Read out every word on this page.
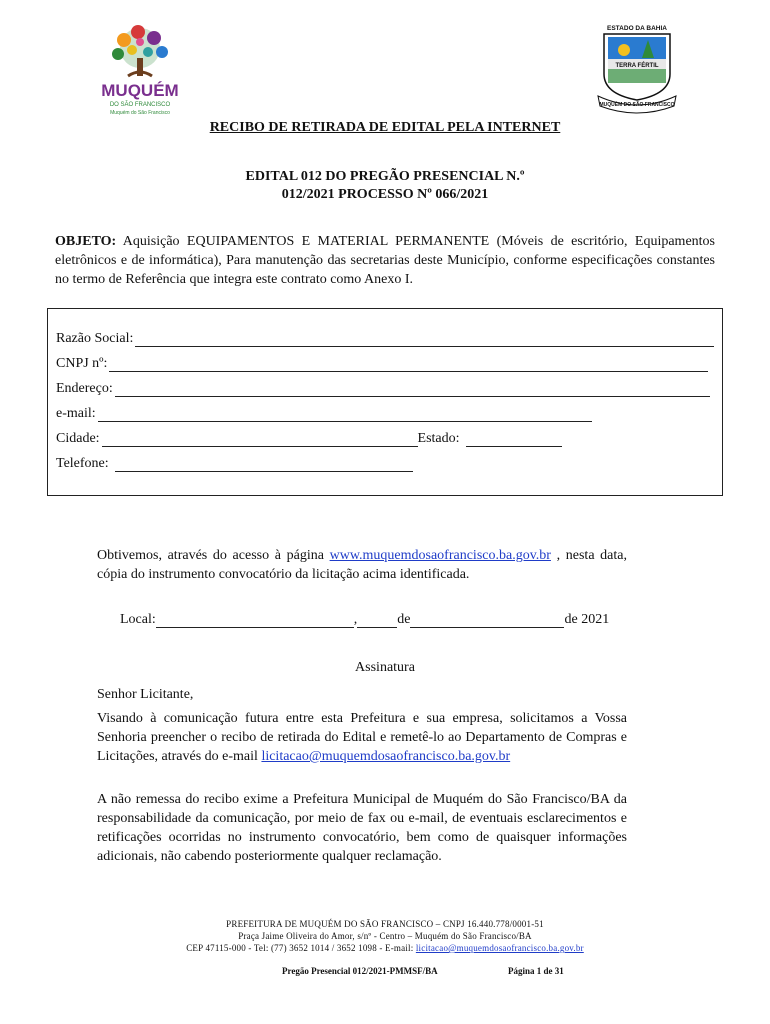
MUQUÉM
DO SÃO FRANCISCO
Muquém do São Francisco
ESTADO DA BAHIA
TERRA FÉRTIL
MUQUÉM DO SÃO FRANCISCO
RECIBO DE RETIRADA DE EDITAL PELA INTERNET
EDITAL 012 DO PREGÃO PRESENCIAL N.º
012/2021 PROCESSO Nº 066/2021
OBJETO: Aquisição EQUIPAMENTOS E MATERIAL PERMANENTE (Móveis de escritório, Equipamentos eletrônicos e de informática), Para manutenção das secretarias deste Município, conforme especificações constantes no termo de Referência que integra este contrato como Anexo I.
Razão Social:
CNPJ nº:
Endereço:
e-mail:
Cidade:	Estado:
Telefone:
Obtivemos, através do acesso à página www.muquemdosaofrancisco.ba.gov.br , nesta data, cópia do instrumento convocatório da licitação acima identificada.
Local:	,	de	de 2021
Assinatura
Senhor Licitante,
Visando à comunicação futura entre esta Prefeitura e sua empresa, solicitamos a Vossa Senhoria preencher o recibo de retirada do Edital e remetê-lo ao Departamento de Compras e Licitações, através do e-mail licitacao@muquemdosaofrancisco.ba.gov.br
A não remessa do recibo exime a Prefeitura Municipal de Muquém do São Francisco/BA da responsabilidade da comunicação, por meio de fax ou e-mail, de eventuais esclarecimentos e retificações ocorridas no instrumento convocatório, bem como de quaisquer informações adicionais, não cabendo posteriormente qualquer reclamação.
PREFEITURA DE MUQUÉM DO SÃO FRANCISCO – CNPJ 16.440.778/0001-51
Praça Jaime Oliveira do Amor, s/nº - Centro – Muquém do São Francisco/BA
CEP 47115-000 - Tel: (77) 3652 1014 / 3652 1098 - E-mail: licitacao@muquemdosaofrancisco.ba.gov.br
Pregão Presencial 012/2021-PMMSF/BA	Página 1 de 31
